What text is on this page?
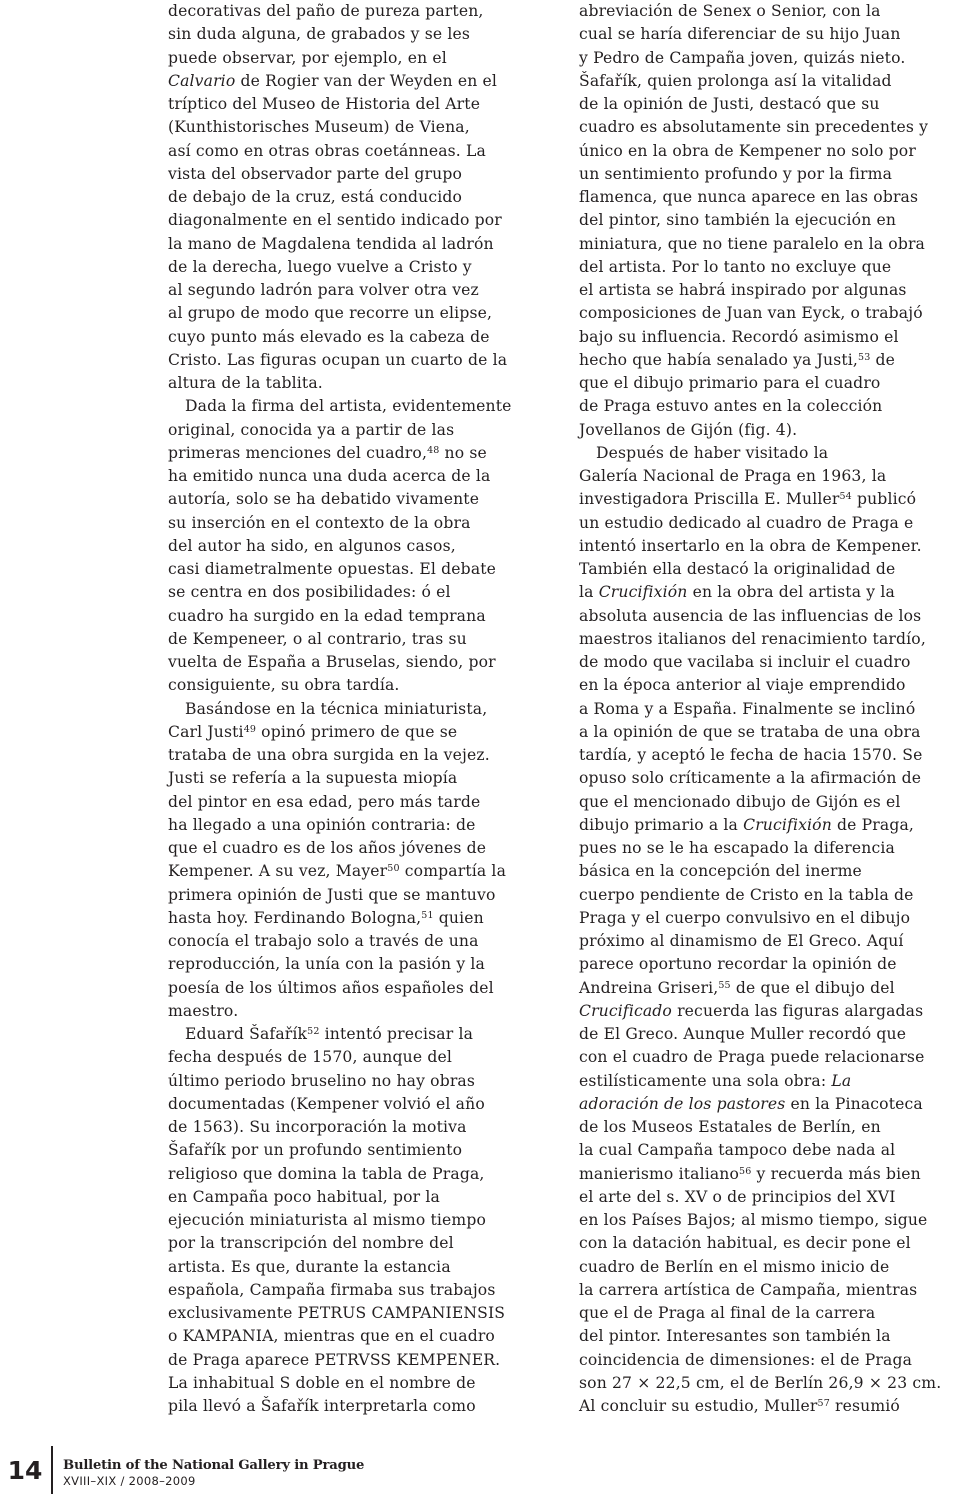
decorativas del paño de pureza parten,
sin duda alguna, de grabados y se les
puede observar, por ejemplo, en el
Calvario de Rogier van der Weyden en el
tríptico del Museo de Historia del Arte
(Kunthistorisches Museum) de Viena,
así como en otras obras coetánneas. La
vista del observador parte del grupo
de debajo de la cruz, está conducido
diagonalmente en el sentido indicado por
la mano de Magdalena tendida al ladrón
de la derecha, luego vuelve a Cristo y
al segundo ladrón para volver otra vez
al grupo de modo que recorre un elipse,
cuyo punto más elevado es la cabeza de
Cristo. Las figuras ocupan un cuarto de la
altura de la tablita.
Dada la firma del artista, evidentemente
original, conocida ya a partir de las
primeras menciones del cuadro,$^{48}$ no se
ha emitido nunca una duda acerca de la
autoría, solo se ha debatido vivamente
su inserción en el contexto de la obra
del autor ha sido, en algunos casos,
casi diametralmente opuestas. El debate
se centra en dos posibilidades: ó el
cuadro ha surgido en la edad temprana
de Kempeneer, o al contrario, tras su
vuelta de España a Bruselas, siendo, por
consiguiente, su obra tardía.
Basándose en la técnica miniaturista,
Carl Justi$^{49}$ opinó primero de que se
trataba de una obra surgida en la vejez.
Justi se refería a la supuesta miopía
del pintor en esa edad, pero más tarde
ha llegado a una opinión contraria: de
que el cuadro es de los años jóvenes de
Kempener. A su vez, Mayer$^{50}$ compartía la
primera opinión de Justi que se mantuvo
hasta hoy. Ferdinando Bologna,$^{51}$ quien
conocía el trabajo solo a través de una
reproducción, la unía con la pasión y la
poesía de los últimos años españoles del
maestro.
Eduard Šafařík$^{52}$ intentó precisar la
fecha después de 1570, aunque del
último periodo bruselino no hay obras
documentadas (Kempener volvió el año
de 1563). Su incorporación la motiva
Šafařík por un profundo sentimiento
religioso que domina la tabla de Praga,
en Campaña poco habitual, por la
ejecución miniaturista al mismo tiempo
por la transcripción del nombre del
artista. Es que, durante la estancia
española, Campaña firmaba sus trabajos
exclusivamente PETRUS CAMPANIENSIS
o KAMPANIA, mientras que en el cuadro
de Praga aparece PETRVSS KEMPENER.
La inhabitual S doble en el nombre de
pila llevó a Šafařík interpretarla como
abreviación de Senex o Senior, con la
cual se haría diferenciar de su hijo Juan
y Pedro de Campaña joven, quizás nieto.
Šafařík, quien prolonga así la vitalidad
de la opinión de Justi, destacó que su
cuadro es absolutamente sin precedentes y
único en la obra de Kempener no solo por
un sentimiento profundo y por la firma
flamenca, que nunca aparece en las obras
del pintor, sino también la ejecución en
miniatura, que no tiene paralelo en la obra
del artista. Por lo tanto no excluye que
el artista se habrá inspirado por algunas
composiciones de Juan van Eyck, o trabajó
bajo su influencia. Recordó asimismo el
hecho que había senalado ya Justi,$^{53}$ de
que el dibujo primario para el cuadro
de Praga estuvo antes en la colección
Jovellanos de Gijón (fig. 4).
Después de haber visitado la
Galería Nacional de Praga en 1963, la
investigadora Priscilla E. Muller$^{54}$ publicó
un estudio dedicado al cuadro de Praga e
intentó insertarlo en la obra de Kempener.
También ella destacó la originalidad de
la Crucifixión en la obra del artista y la
absoluta ausencia de las influencias de los
maestros italianos del renacimiento tardío,
de modo que vacilaba si incluir el cuadro
en la época anterior al viaje emprendido
a Roma y a España. Finalmente se inclinó
a la opinión de que se trataba de una obra
tardía, y aceptó le fecha de hacia 1570. Se
opuso solo críticamente a la afirmación de
que el mencionado dibujo de Gijón es el
dibujo primario a la Crucifixión de Praga,
pues no se le ha escapado la diferencia
básica en la concepción del inerme
cuerpo pendiente de Cristo en la tabla de
Praga y el cuerpo convulsivo en el dibujo
próximo al dinamismo de El Greco. Aquí
parece oportuno recordar la opinión de
Andreina Griseri,$^{55}$ de que el dibujo del
Crucificado recuerda las figuras alargadas
de El Greco. Aunque Muller recordó que
con el cuadro de Praga puede relacionarse
estilísticamente una sola obra: La
adoración de los pastores en la Pinacoteca
de los Museos Estatales de Berlín, en
la cual Campaña tampoco debe nada al
manierismo italiano$^{56}$ y recuerda más bien
el arte del s. XV o de principios del XVI
en los Países Bajos; al mismo tiempo, sigue
con la datación habitual, es decir pone el
cuadro de Berlín en el mismo inicio de
la carrera artística de Campaña, mientras
que el de Praga al final de la carrera
del pintor. Interesantes son también la
coincidencia de dimensiones: el de Praga
son 27 × 22,5 cm, el de Berlín 26,9 × 23 cm.
Al concluir su estudio, Muller$^{57}$ resumió
14	Bulletin of the National Gallery in Prague
XVIII–XIX / 2008–2009
